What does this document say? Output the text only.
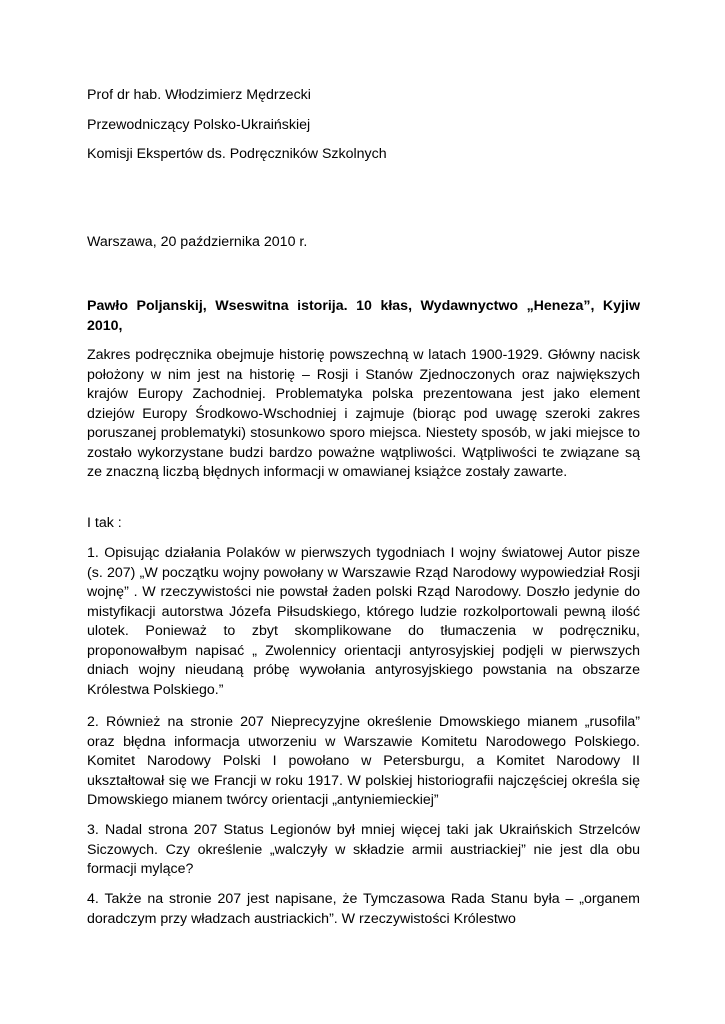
Prof dr hab. Włodzimierz Mędrzecki

Przewodniczący Polsko-Ukraińskiej

Komisji Ekspertów ds. Podręczników Szkolnych

Warszawa, 20 października 2010 r.

Pawło Poljanskij, Wseswitna istorija. 10 kłas, Wydawnyctwo „Heneza”, Kyjiw 2010,

Zakres podręcznika obejmuje historię powszechną w latach 1900-1929. Główny nacisk położony w nim jest na historię – Rosji i Stanów Zjednoczonych oraz największych krajów Europy Zachodniej. Problematyka polska prezentowana jest jako element dziejów Europy Środkowo-Wschodniej i zajmuje (biorąc pod uwagę szeroki zakres poruszanej problematyki) stosunkowo sporo miejsca. Niestety sposób, w jaki miejsce to zostało wykorzystane budzi bardzo poważne wątpliwości. Wątpliwości te związane są ze znaczną liczbą błędnych informacji w omawianej książce zostały zawarte.

I tak :

1. Opisując działania Polaków w pierwszych tygodniach I wojny światowej Autor pisze (s. 207) „W początku wojny powołany w Warszawie Rząd Narodowy wypowiedział Rosji wojnę” . W rzeczywistości nie powstał żaden polski Rząd Narodowy. Doszło jedynie do mistyfikacji autorstwa Józefa Piłsudskiego, którego ludzie rozkolportowali pewną ilość ulotek. Ponieważ to zbyt skomplikowane do tłumaczenia w podręczniku, proponowałbym napisać „ Zwolennicy orientacji antyrosyjskiej podjęli w pierwszych dniach wojny nieudaną próbę wywołania antyrosyjskiego powstania na obszarze Królestwa Polskiego.”

2. Również na stronie 207 Nieprecyzyjne określenie Dmowskiego mianem „rusofila” oraz błędna informacja utworzeniu w Warszawie Komitetu Narodowego Polskiego. Komitet Narodowy Polski I powołano w Petersburgu, a Komitet Narodowy II ukształtował się we Francji w roku 1917. W polskiej historiografii najczęściej określa się Dmowskiego mianem twórcy orientacji „antyniemieckiej”

3. Nadal strona 207 Status Legionów był mniej więcej taki jak Ukraińskich Strzelców Siczowych. Czy określenie „walczyły w składzie armii austriackiej” nie jest dla obu formacji mylące?

4. Także na stronie 207 jest napisane, że Tymczasowa Rada Stanu była – „organem doradczym przy władzach austriackich”. W rzeczywistości Królestwo
